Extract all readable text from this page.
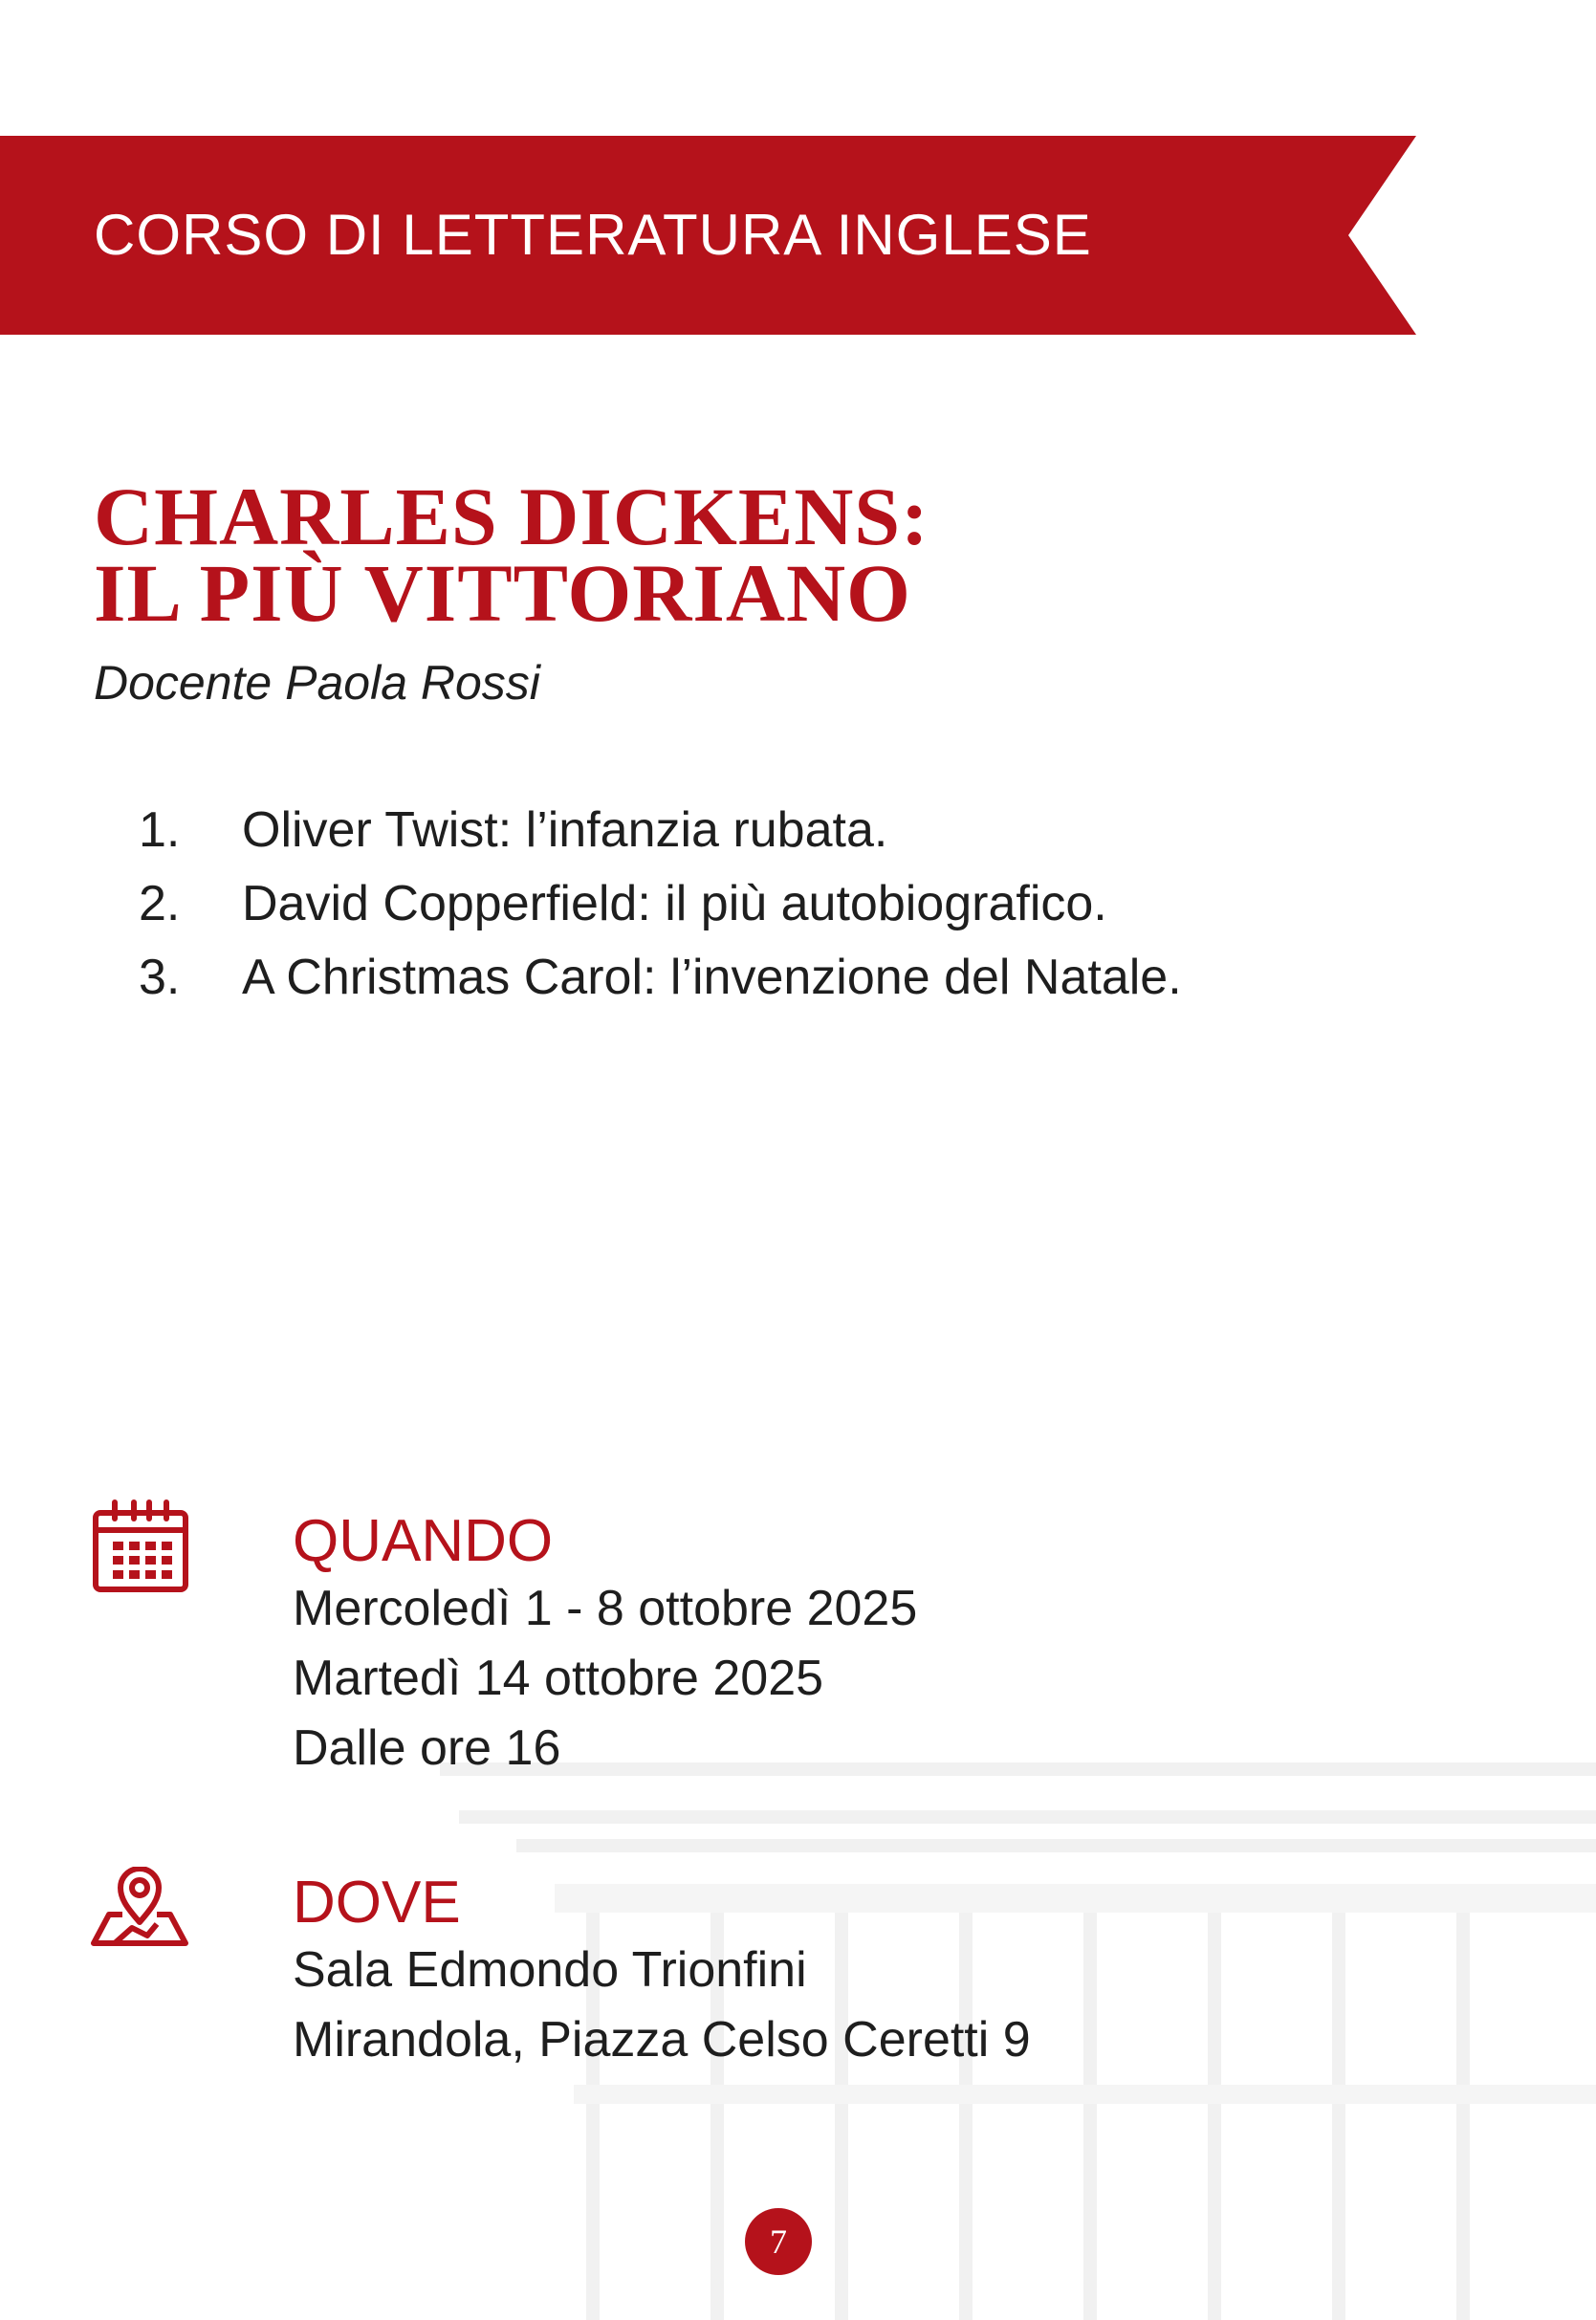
CORSO DI LETTERATURA INGLESE
CHARLES DICKENS:
IL PIÙ VITTORIANO
Docente Paola Rossi
1.	Oliver Twist: l’infanzia rubata.
2.	David Copperfield: il più autobiografico.
3.	A Christmas Carol: l’invenzione del Natale.
QUANDO
Mercoledì 1 - 8 ottobre 2025
Martedì 14 ottobre 2025
Dalle ore 16
DOVE
Sala Edmondo Trionfini
Mirandola, Piazza Celso Ceretti 9
7
